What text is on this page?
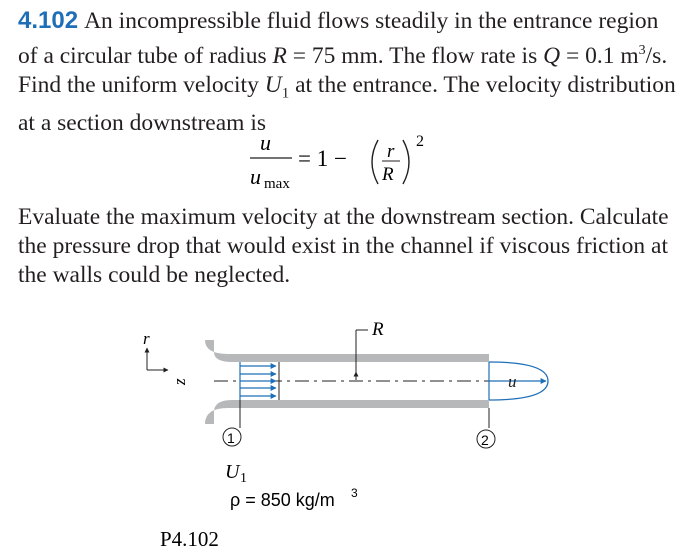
4.102 An incompressible fluid flows steadily in the entrance region of a circular tube of radius R = 75 mm. The flow rate is Q = 0.1 $m^3/s$. Find the uniform velocity $U_1$ at the entrance. The velocity distribution at a section downstream is

u
u max
= 1 − r
R
2

Evaluate the maximum velocity at the downstream section. Calculate the pressure drop that would exist in the channel if viscous friction at the walls could be neglected.

r
z
R
u
1	2
U 1
ρ = 850 kg/m 3
P4.102
